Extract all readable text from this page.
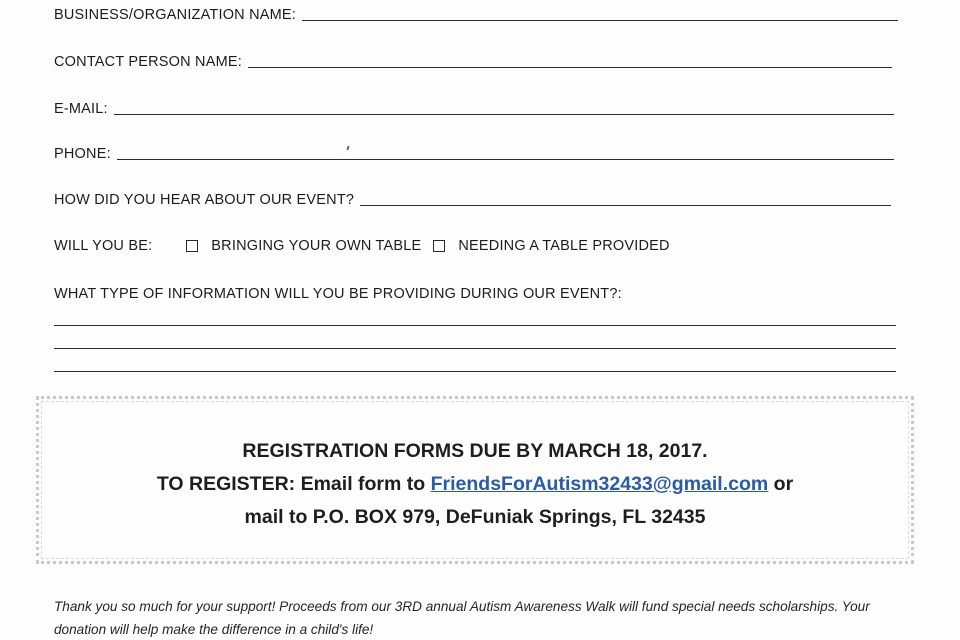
BUSINESS/ORGANIZATION NAME:
CONTACT PERSON NAME:
E-MAIL:
PHONE:
HOW DID YOU HEAR ABOUT OUR EVENT?
WILL YOU BE:	BRINGING YOUR OWN TABLE	NEEDING A TABLE PROVIDED
WHAT TYPE OF INFORMATION WILL YOU BE PROVIDING DURING OUR EVENT?:
REGISTRATION FORMS DUE BY MARCH 18, 2017.
TO REGISTER: Email form to FriendsForAutism32433@gmail.com or
mail to P.O. BOX 979, DeFuniak Springs, FL 32435
Thank you so much for your support! Proceeds from our 3RD annual Autism Awareness Walk will fund special needs scholarships. Your donation will help make the difference in a child's life!
